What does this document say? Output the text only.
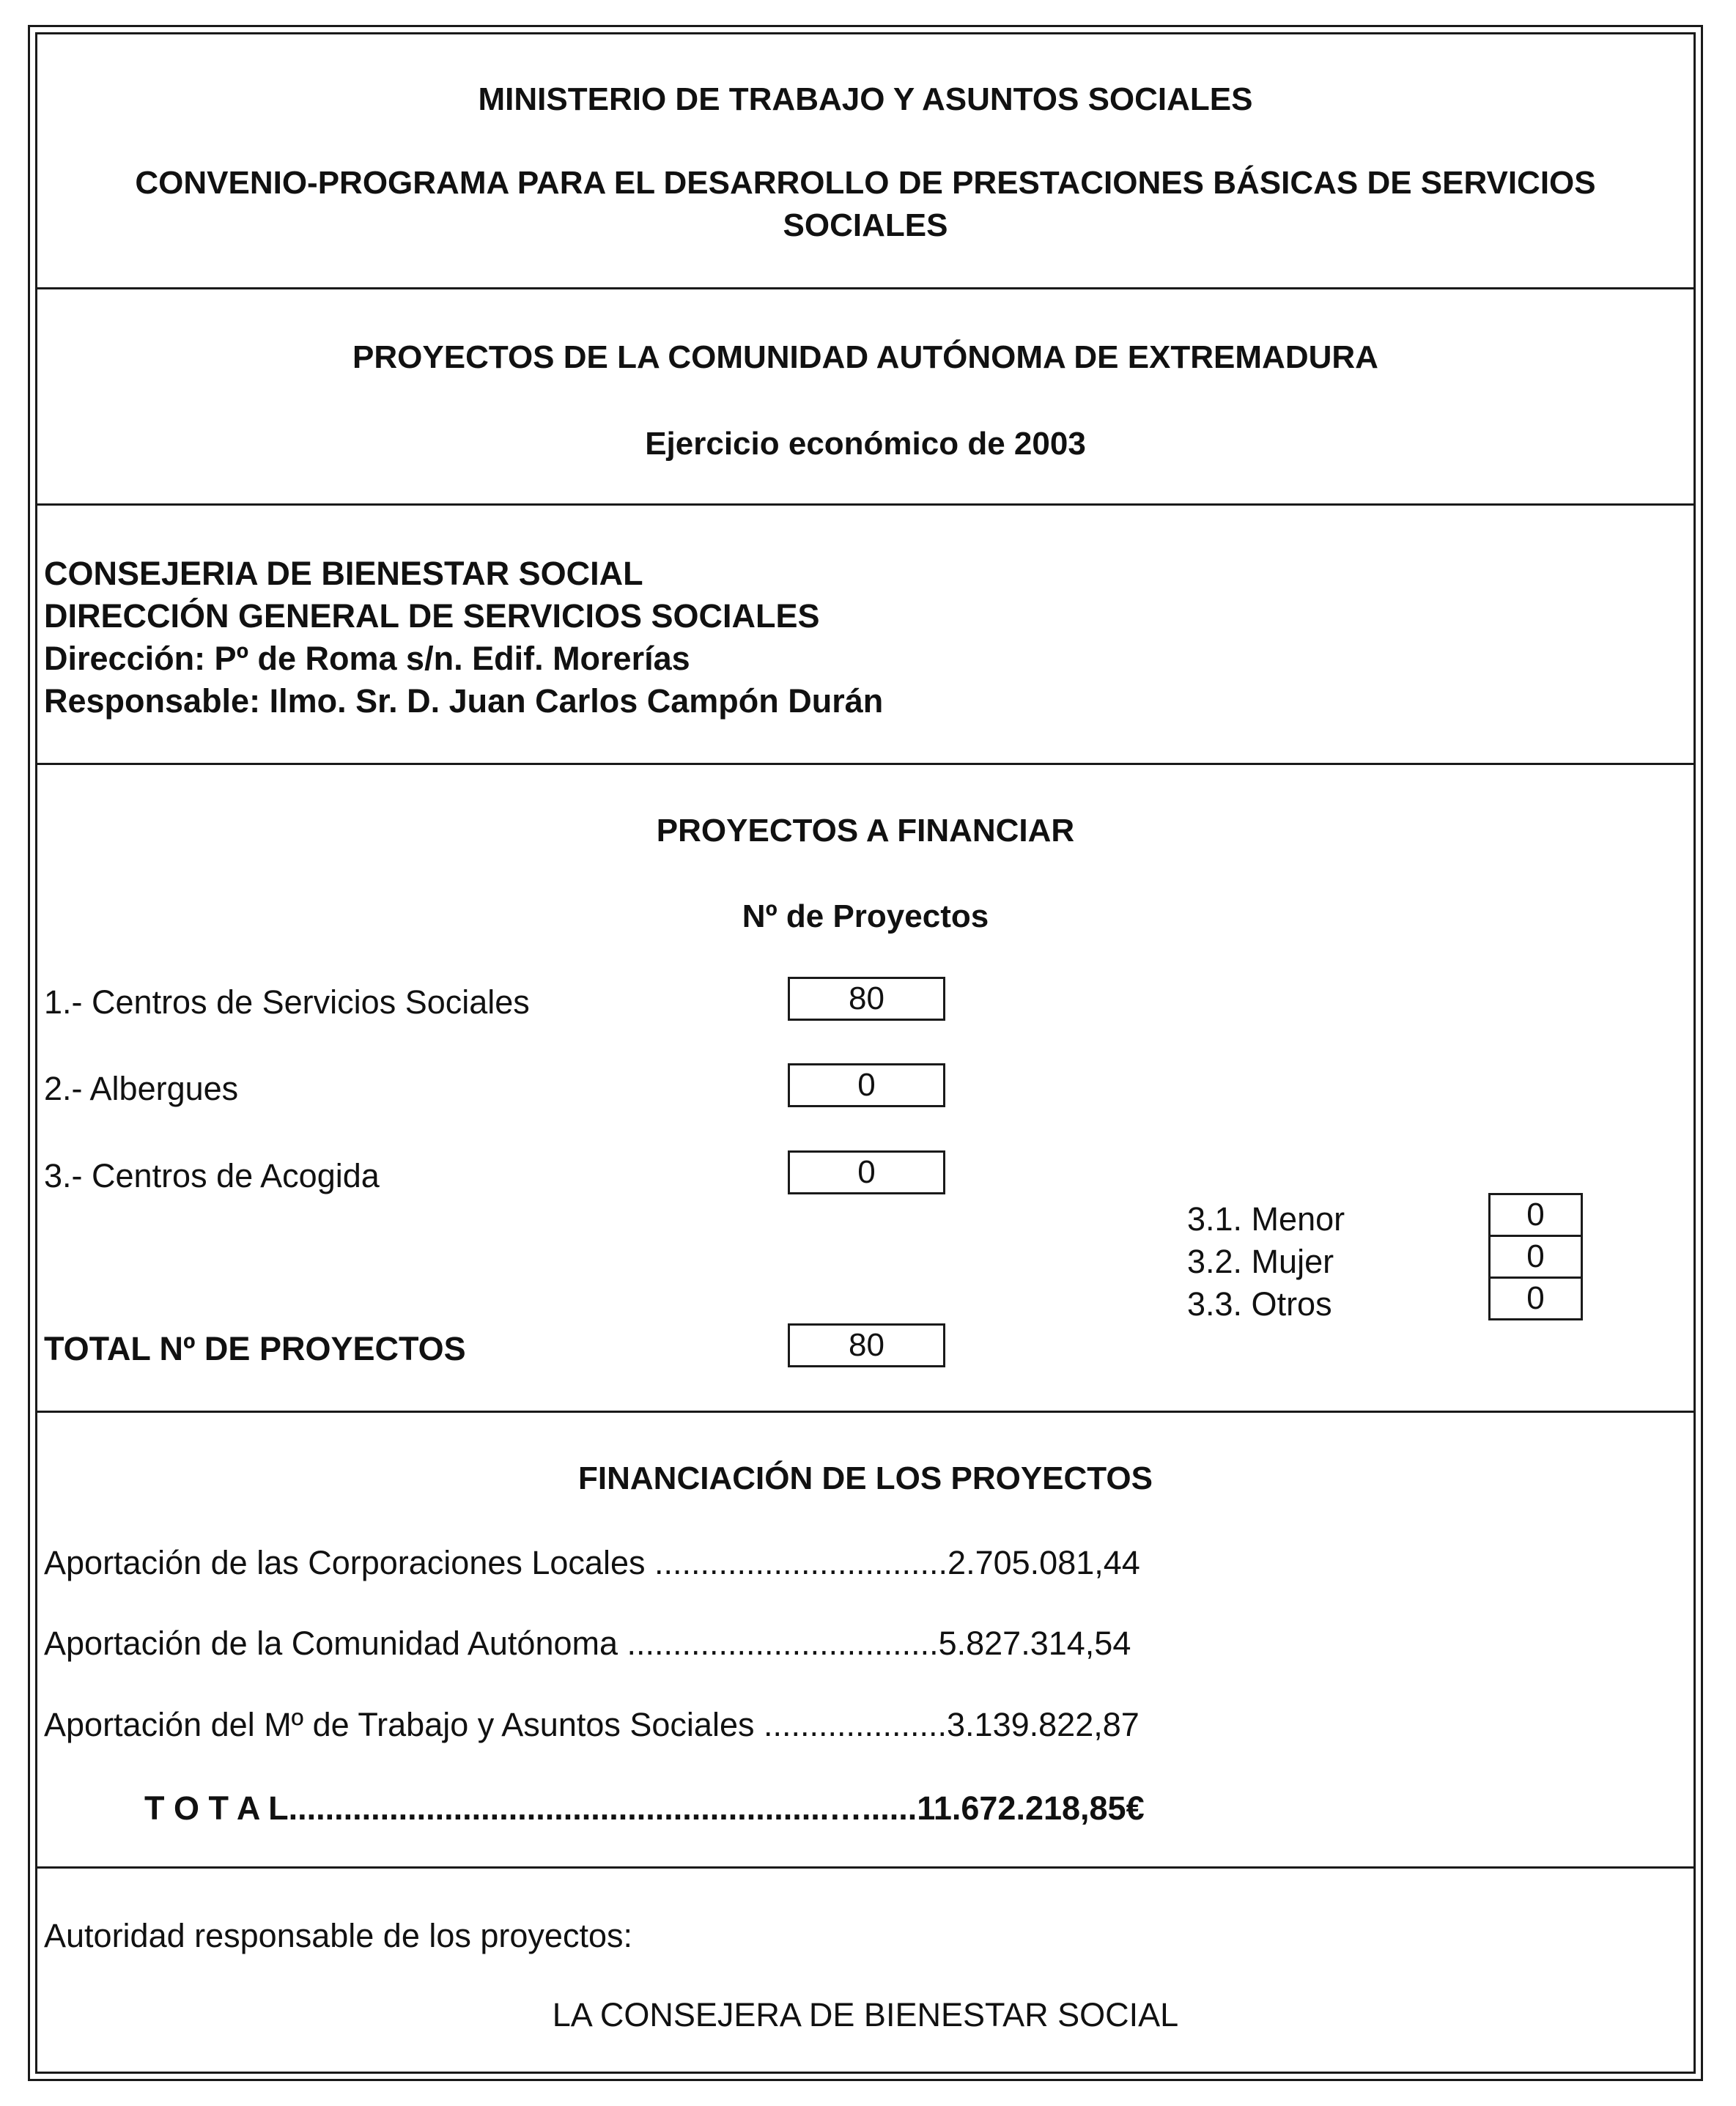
MINISTERIO DE TRABAJO Y ASUNTOS SOCIALES
CONVENIO-PROGRAMA PARA EL DESARROLLO DE PRESTACIONES BÁSICAS DE SERVICIOS
SOCIALES
PROYECTOS DE LA COMUNIDAD AUTÓNOMA DE EXTREMADURA
Ejercicio económico de 2003
CONSEJERIA DE BIENESTAR SOCIAL
DIRECCIÓN GENERAL DE SERVICIOS SOCIALES
Dirección: Pº de Roma s/n. Edif. Morerías
Responsable: Ilmo. Sr. D. Juan Carlos Campón Durán
PROYECTOS A FINANCIAR
Nº de Proyectos
1.- Centros de Servicios Sociales	80
2.- Albergues	0
3.- Centros de Acogida	0
3.1. Menor	0
3.2. Mujer	0
3.3. Otros	0
TOTAL Nº DE PROYECTOS	80
FINANCIACIÓN DE LOS PROYECTOS
Aportación de las Corporaciones Locales ................................2.705.081,44
Aportación de la Comunidad Autónoma ..................................5.827.314,54
Aportación del Mº de Trabajo y Asuntos Sociales ....................3.139.822,87
T O T A L...........................................................…......11.672.218,85€
Autoridad responsable de los proyectos:
LA CONSEJERA DE BIENESTAR SOCIAL
